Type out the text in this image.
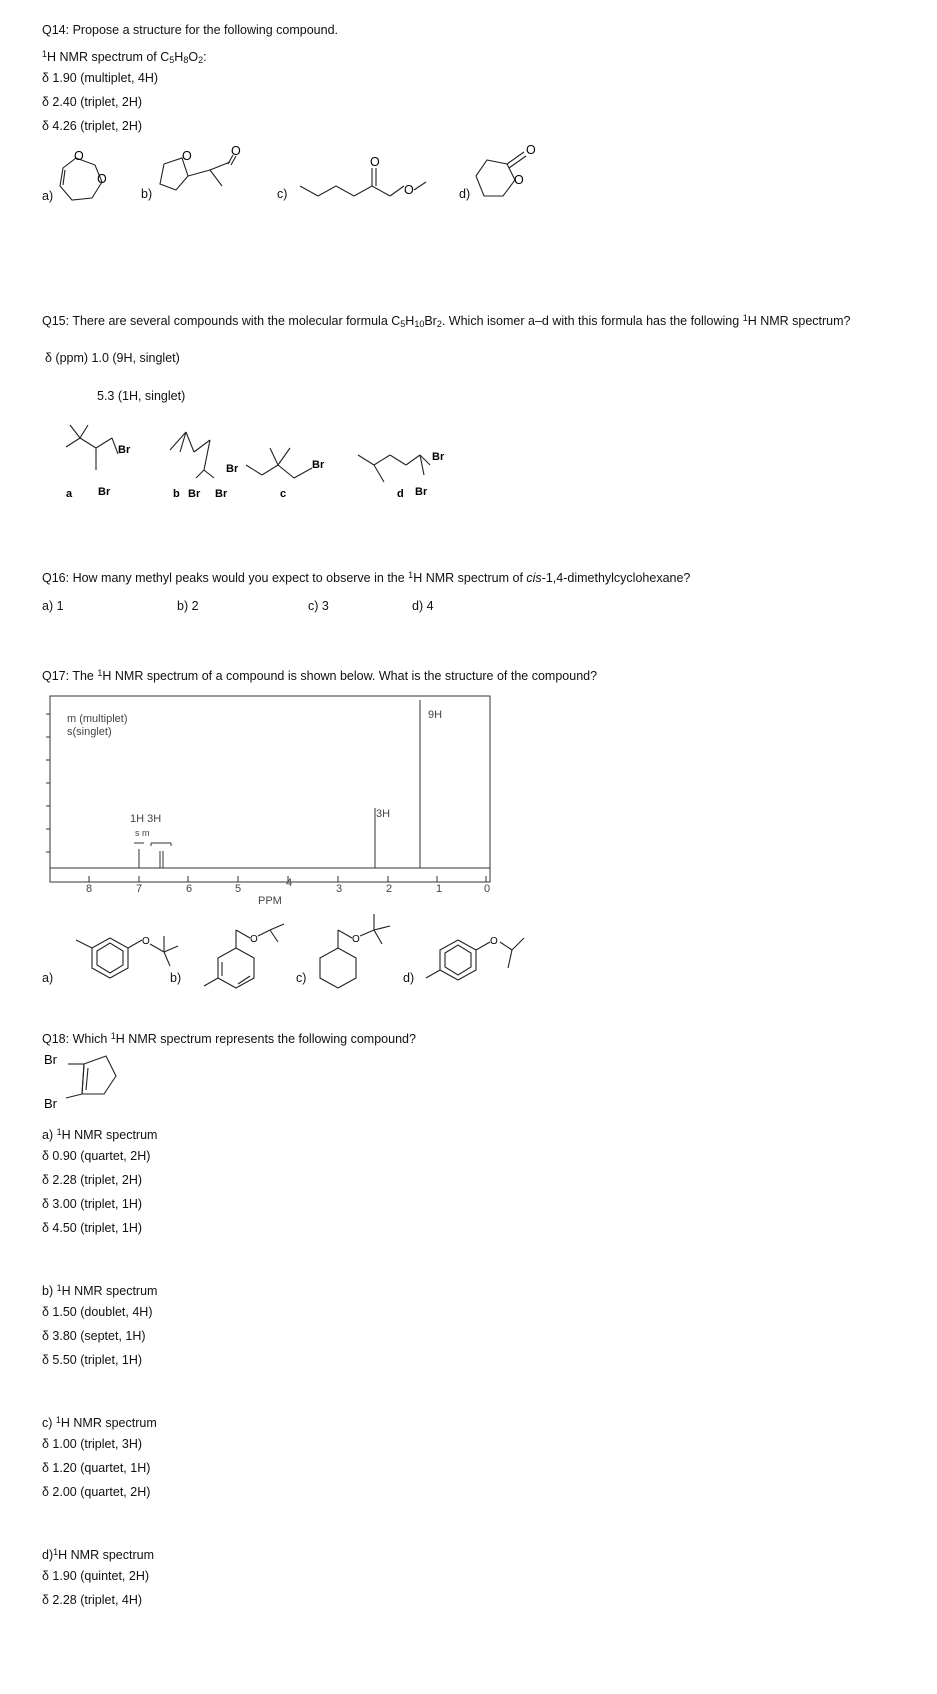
Q14: Propose a structure for the following compound.
$^1$H NMR spectrum of $C_5H_8O_2$:
δ 1.90 (multiplet, 4H)
δ 2.40 (triplet, 2H)
δ 4.26 (triplet, 2H)
a)	b)	c)	d)
O
O
O	O
O
O
O
O
Q15: There are several compounds with the molecular formula $C_5H_{10}Br_2$. Which isomer a–d with this formula has the following $^1$H NMR spectrum?
δ (ppm) 1.0 (9H, singlet)
5.3 (1H, singlet)
a
Br
Br	b Br Br
Br
c
Br
d
Br
Br
Q16: How many methyl peaks would you expect to observe in the $^1$H NMR spectrum of cis-1,4-dimethylcyclohexane?
a) 1	b) 2	c) 3	d) 4
Q17: The $^1$H NMR spectrum of a compound is shown below. What is the structure of the compound?
8	7	6	5	4	3	2	1	0
PPM
m (multiplet)
s(singlet)
1H 3H
s m
3H
9H
a)	b)	c)	d)
O	O	O	O
Q18: Which $^1$H NMR spectrum represents the following compound?
Br
Br
a) $^1$H NMR spectrum
δ 0.90 (quartet, 2H)
δ 2.28 (triplet, 2H)
δ 3.00 (triplet, 1H)
δ 4.50 (triplet, 1H)
b) $^1$H NMR spectrum
δ 1.50 (doublet, 4H)
δ 3.80 (septet, 1H)
δ 5.50 (triplet, 1H)
c) $^1$H NMR spectrum
δ 1.00 (triplet, 3H)
δ 1.20 (quartet, 1H)
δ 2.00 (quartet, 2H)
d)$^1$H NMR spectrum
δ 1.90 (quintet, 2H)
δ 2.28 (triplet, 4H)
